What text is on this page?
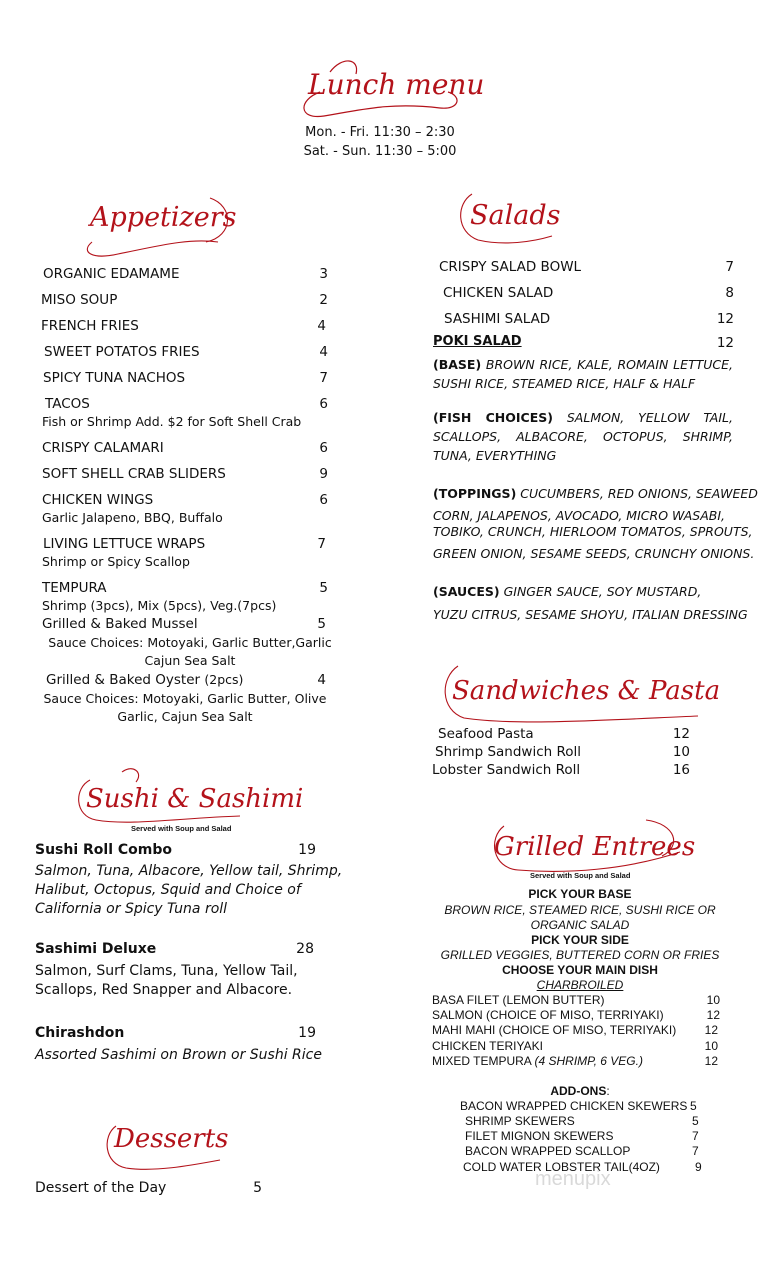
Lunch menu
Mon. - Fri. 11:30 – 2:30
Sat. - Sun. 11:30 – 5:00
Appetizers
ORGANIC EDAMAME	3
MISO SOUP	2
FRENCH FRIES	4
SWEET POTATOS FRIES	4
SPICY TUNA NACHOS	7
TACOS	6
Fish or Shrimp Add. $2 for Soft Shell Crab
CRISPY CALAMARI	6
SOFT SHELL CRAB SLIDERS	9
CHICKEN WINGS	6
Garlic Jalapeno, BBQ, Buffalo
LIVING LETTUCE WRAPS	7
Shrimp or Spicy Scallop
TEMPURA	5
Shrimp (3pcs), Mix (5pcs), Veg.(7pcs)
Grilled & Baked Mussel	5
Sauce Choices: Motoyaki, Garlic Butter,Garlic
Cajun Sea Salt
Grilled & Baked Oyster (2pcs)	4
Sauce Choices: Motoyaki, Garlic Butter, Olive
Garlic, Cajun Sea Salt
Sushi & Sashimi
Served with Soup and Salad
Sushi Roll Combo	19
Salmon, Tuna, Albacore, Yellow tail, Shrimp,
Halibut, Octopus, Squid and Choice of
California or Spicy Tuna roll
Sashimi Deluxe	28
Salmon, Surf Clams, Tuna, Yellow Tail,
Scallops, Red Snapper and Albacore.
Chirashdon	19
Assorted Sashimi on Brown or Sushi Rice
Desserts
Dessert of the Day	5
Salads
CRISPY SALAD BOWL	7
CHICKEN SALAD	8
SASHIMI SALAD	12
POKI SALAD	12
(BASE) BROWN RICE, KALE, ROMAIN LETTUCE, SUSHI RICE, STEAMED RICE, HALF & HALF
(FISH CHOICES) SALMON, YELLOW TAIL, SCALLOPS, ALBACORE, OCTOPUS, SHRIMP, TUNA, EVERYTHING
(TOPPINGS) CUCUMBERS, RED ONIONS, SEAWEED
CORN, JALAPENOS, AVOCADO, MICRO WASABI,
TOBIKO, CRUNCH, HIERLOOM TOMATOS, SPROUTS,
GREEN ONION, SESAME SEEDS, CRUNCHY ONIONS.
(SAUCES) GINGER SAUCE, SOY MUSTARD,
YUZU CITRUS, SESAME SHOYU, ITALIAN DRESSING
Sandwiches & Pasta
Seafood Pasta	12
Shrimp Sandwich Roll	10
Lobster Sandwich Roll	16
Grilled Entrees
Served with Soup and Salad
PICK YOUR BASE
BROWN RICE, STEAMED RICE, SUSHI RICE OR
ORGANIC SALAD
PICK YOUR SIDE
GRILLED VEGGIES, BUTTERED CORN OR FRIES
CHOOSE YOUR MAIN DISH
CHARBROILED
BASA FILET (LEMON BUTTER)	10
SALMON (CHOICE OF MISO, TERRIYAKI)	12
MAHI MAHI (CHOICE OF MISO, TERRIYAKI)	12
CHICKEN TERIYAKI	10
MIXED TEMPURA (4 SHRIMP, 6 VEG.)	12
ADD-ONS:
BACON WRAPPED CHICKEN SKEWERS 5
SHRIMP SKEWERS	5
FILET MIGNON SKEWERS	7
BACON WRAPPED SCALLOP	7
COLD WATER LOBSTER TAIL(4OZ)	9
menupix
